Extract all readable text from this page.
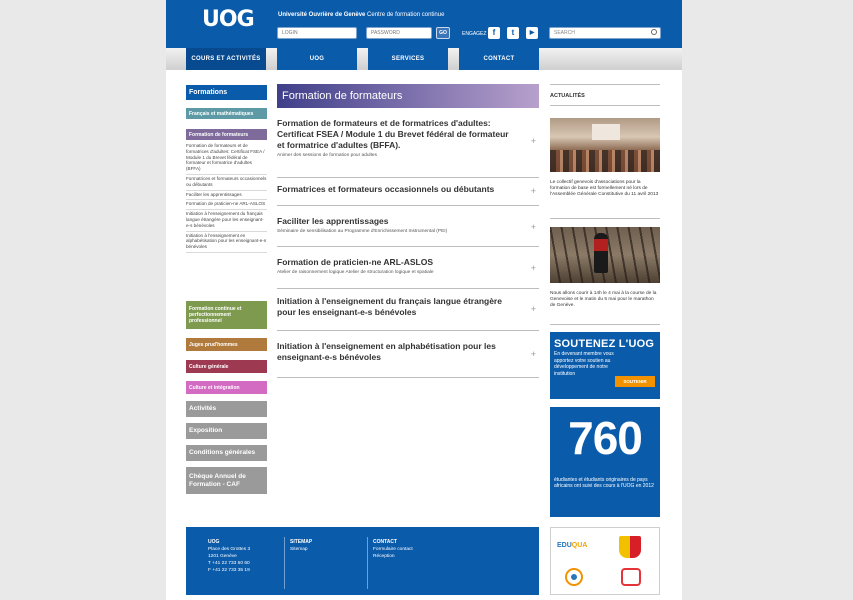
UOG	Université Ouvrière de Genève Centre de formation continue
LOGIN	PASSWORD	GO	ENGAGEZ f	t	▶	SEARCH
COURS ET ACTIVITÉS	UOG	SERVICES	CONTACT
Formations
Français et mathématiques
Formation de formateurs
Formation de formateurs et de formatrices d'adultes: Certificat FSEA / Module 1 du Brevet fédéral de formateur et formatrice d'adultes (BFFA)
Formatrices et formateurs occasionnels ou débutants
Faciliter les apprentissages
Formation de praticien-ne ARL-ASLOS
Initiation à l'enseignement du français langue étrangère pour les enseignant-e-s bénévoles
Initiation à l'enseignement en alphabétisation pour les enseignant-e-s bénévoles
Formation continue et perfectionnement professionnel
Juges prud'hommes
Culture générale
Culture et intégration
Activités
Exposition
Conditions générales
Chèque Annuel de Formation - CAF
Formation de formateurs
Formation de formateurs et de formatrices d'adultes: Certificat FSEA / Module 1 du Brevet fédéral de formateur et formatrice d'adultes (BFFA).
Animer des sessions de formation pour adultes
+
Formatrices et formateurs occasionnels ou débutants	+
Faciliter les apprentissages
Séminaire de sensibilisation au Programme d'Enrichissement Instrumental (PEI)	+
Formation de praticien-ne ARL-ASLOS
Atelier de raisonnement logique Atelier de structuration logique et spatiale	+
Initiation à l'enseignement du français langue étrangère pour les enseignant-e-s bénévoles	+
Initiation à l'enseignement en alphabétisation pour les enseignant-e-s bénévoles	+
ACTUALITÉS
Le collectif genevois d'associations pour la formation de base est formellement né lors de l'Assemblée Générale Constitutive du 11 avril 2013
Nous allons courir à 14h le 4 mai à la course de la Genevoise et le matin du 5 mai pour le marathon de Genève.
SOUTENEZ L'UOG
En devenant membre vous apportez votre soutien au développement de notre institution
SOUTENIR
760
étudiantes et étudiants originaires de pays africains ont suivi des cours à l'UOG en 2012
UOG
Place des Grottes 3
1201 Genève
T +41 22 733 50 60
F +41 22 733 35 19
SITEMAP
Sitemap
CONTACT
Formulaire contact
Réception
EDUQUA
